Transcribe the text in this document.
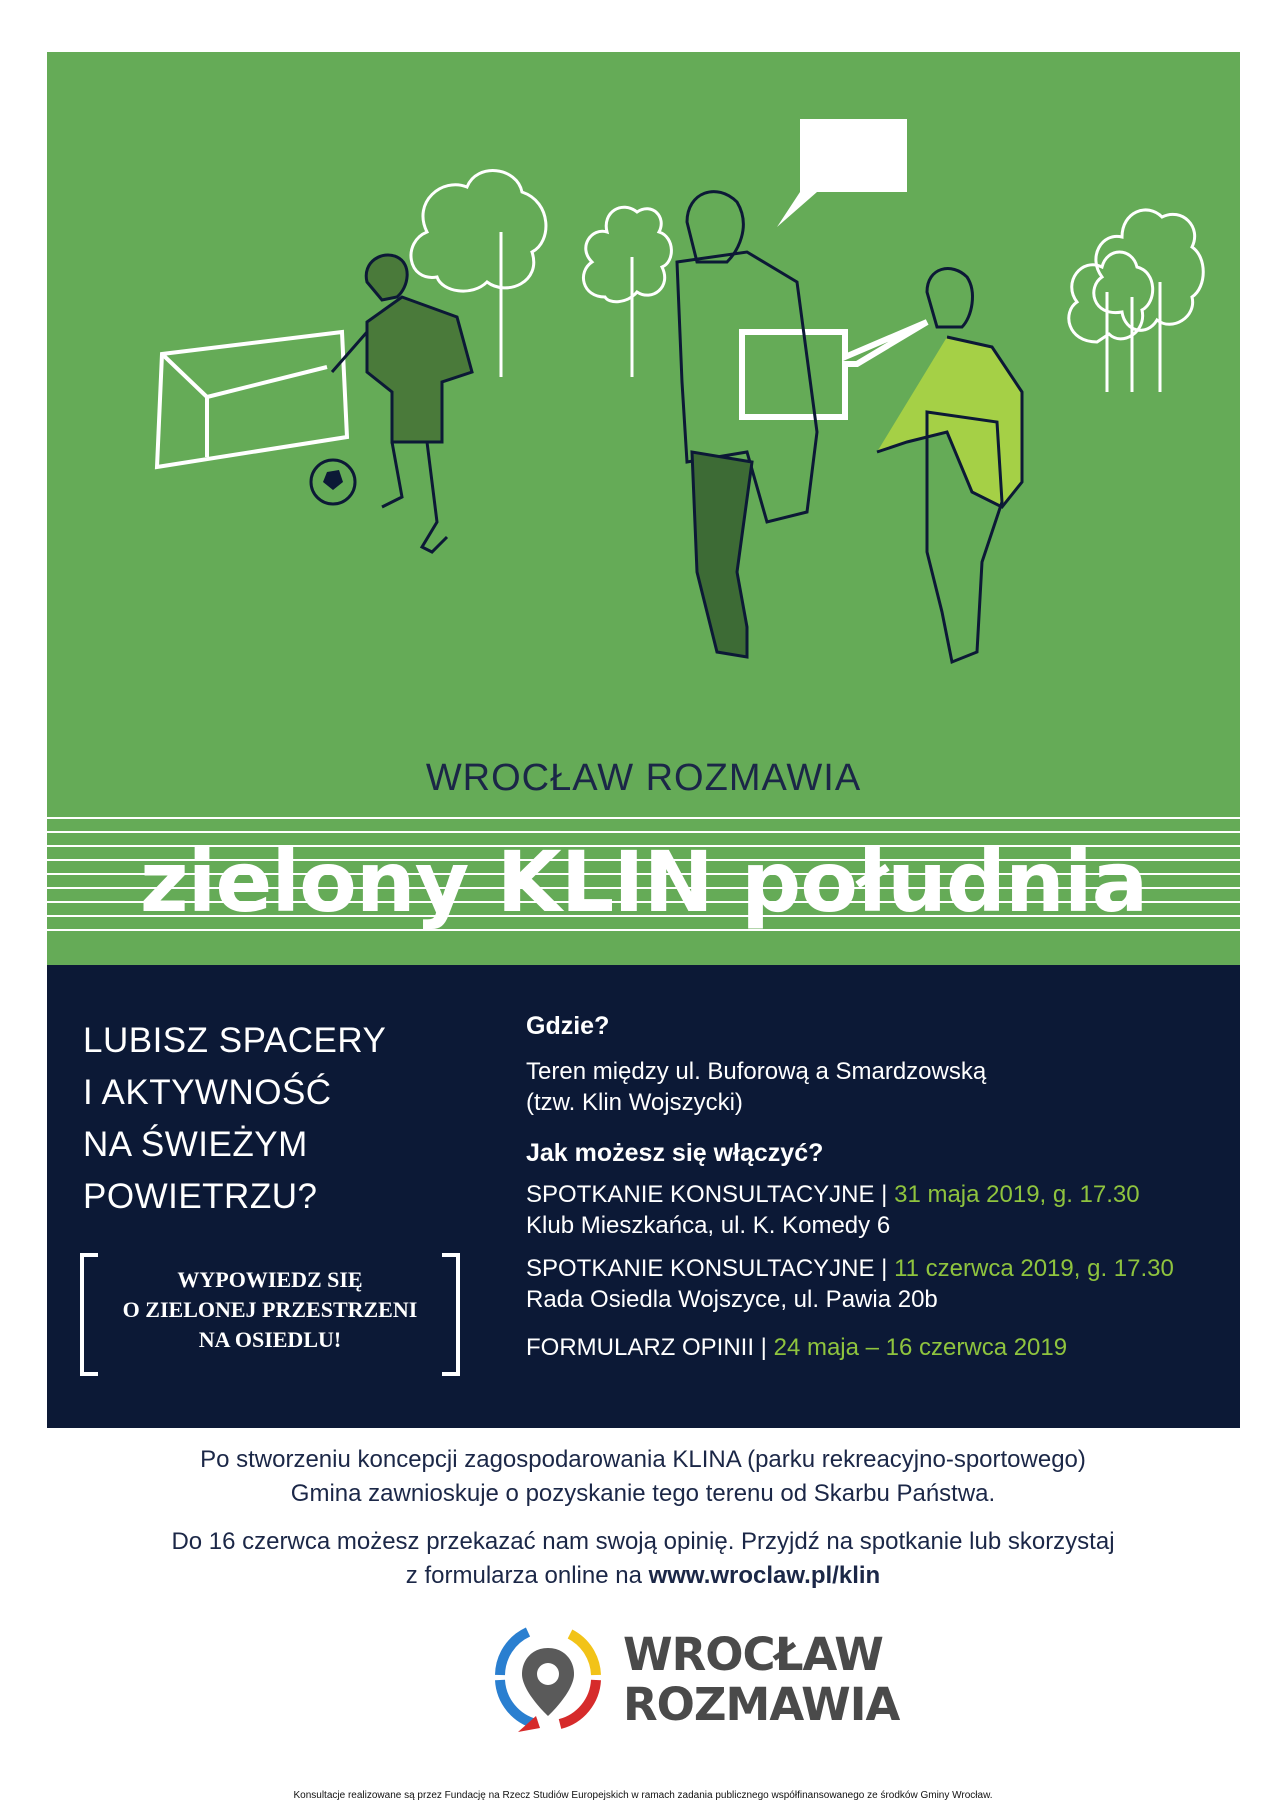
WROCŁAW ROZMAWIA
zielony KLIN południa
LUBISZ SPACERY
I AKTYWNOŚĆ
NA ŚWIEŻYM
POWIETRZU?
WYPOWIEDZ SIĘ
O ZIELONEJ PRZESTRZENI
NA OSIEDLU!
Gdzie?
Teren między ul. Buforową a Smardzowską
(tzw. Klin Wojszycki)
Jak możesz się włączyć?
SPOTKANIE KONSULTACYJNE | 31 maja 2019, g. 17.30
Klub Mieszkańca, ul. K. Komedy 6
SPOTKANIE KONSULTACYJNE | 11 czerwca 2019, g. 17.30
Rada Osiedla Wojszyce, ul. Pawia 20b
FORMULARZ OPINII | 24 maja – 16 czerwca 2019
Po stworzeniu koncepcji zagospodarowania KLINA (parku rekreacyjno-sportowego)
Gmina zawnioskuje o pozyskanie tego terenu od Skarbu Państwa.
Do 16 czerwca możesz przekazać nam swoją opinię. Przyjdź na spotkanie lub skorzystaj
z formularza online na www.wroclaw.pl/klin
WROCŁAW
ROZMAWIA
Konsultacje realizowane są przez Fundację na Rzecz Studiów Europejskich w ramach zadania publicznego współfinansowanego ze środków Gminy Wrocław.
